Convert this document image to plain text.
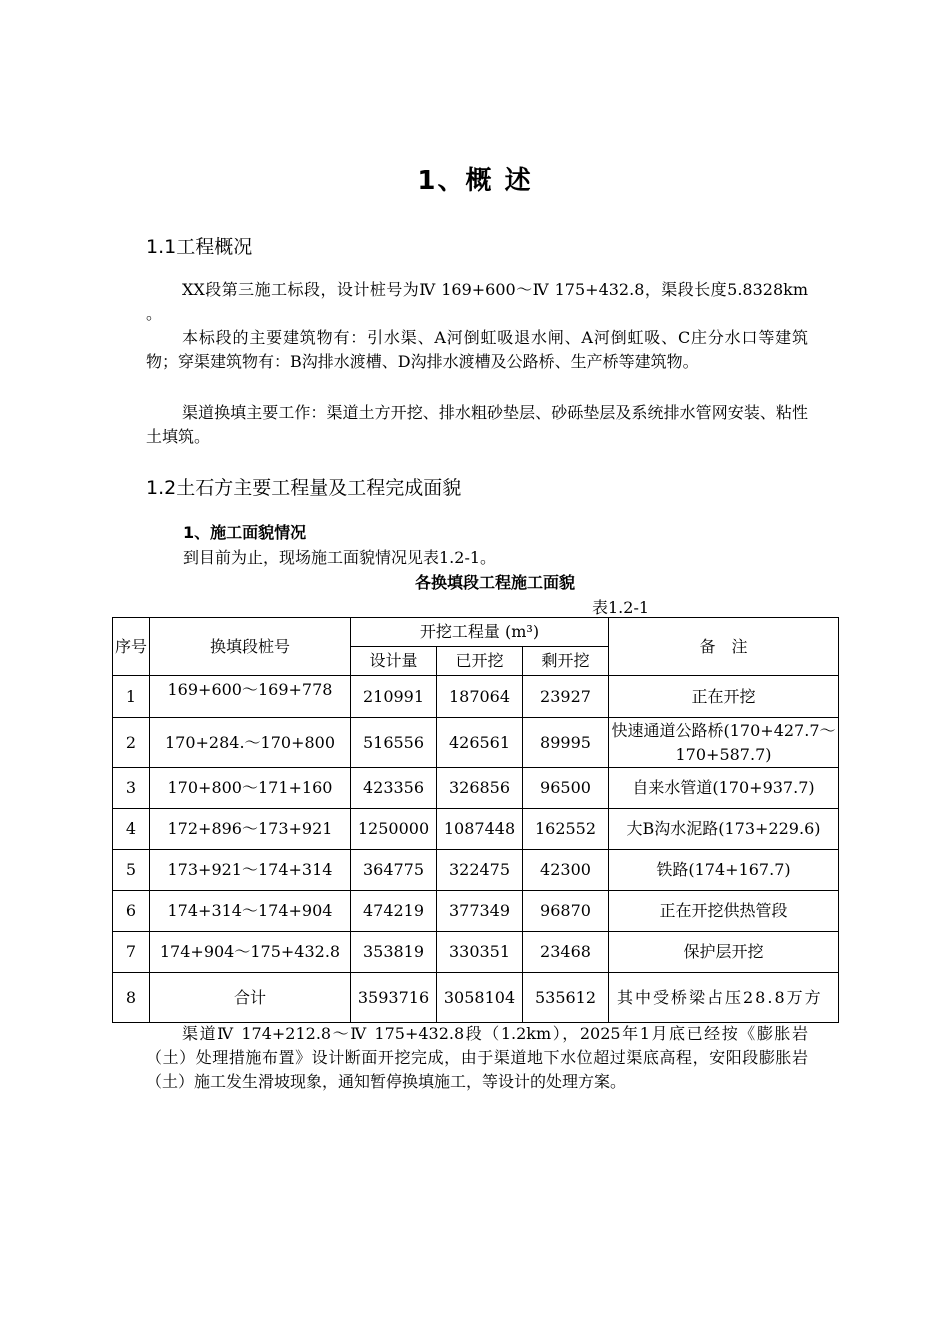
1、概 述
1.1工程概况
XX段第三施工标段，设计桩号为Ⅳ 169+600～Ⅳ 175+432.8，渠段长度5.8328km 。
本标段的主要建筑物有：引水渠、A河倒虹吸退水闸、A河倒虹吸、C庄分水口等建筑物；穿渠建筑物有：B沟排水渡槽、D沟排水渡槽及公路桥、生产桥等建筑物。
渠道换填主要工作：渠道土方开挖、排水粗砂垫层、砂砾垫层及系统排水管网安装、粘性土填筑。
1.2土石方主要工程量及工程完成面貌
1、施工面貌情况
到目前为止，现场施工面貌情况见表1.2-1。
各换填段工程施工面貌
表1.2-1
序号	换填段桩号	开挖工程量 (m³)			备　注
		设计量	已开挖	剩开挖	
1	169+600～169+778	210991	187064	23927	正在开挖
2	170+284.～170+800	516556	426561	89995	快速通道公路桥(170+427.7～170+587.7)
3	170+800～171+160	423356	326856	96500	自来水管道(170+937.7)
4	172+896～173+921	1250000	1087448	162552	大B沟水泥路(173+229.6)
5	173+921～174+314	364775	322475	42300	铁路(174+167.7)
6	174+314～174+904	474219	377349	96870	正在开挖供热管段
7	174+904～175+432.8	353819	330351	23468	保护层开挖
8	合计	3593716	3058104	535612	其中受桥梁占压28.8万方
渠道Ⅳ 174+212.8～Ⅳ 175+432.8段（1.2km），2025年1月底已经按《膨胀岩（土）处理措施布置》设计断面开挖完成，由于渠道地下水位超过渠底高程，安阳段膨胀岩（土）施工发生滑坡现象，通知暂停换填施工，等设计的处理方案。
